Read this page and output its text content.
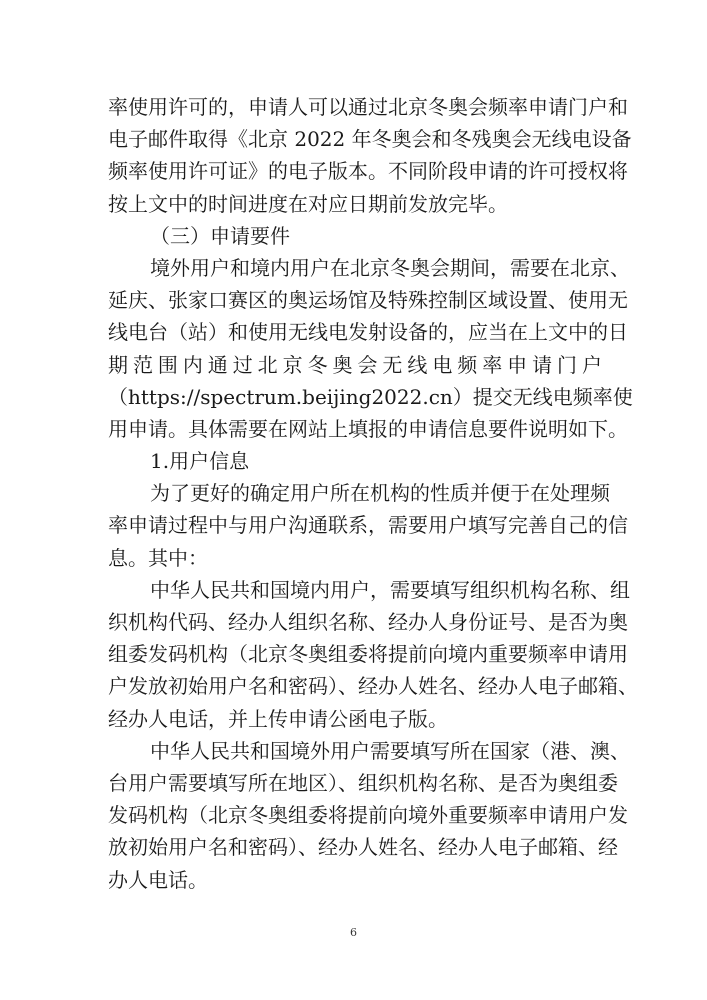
率使用许可的，申请人可以通过北京冬奥会频率申请门户和
电子邮件取得《北京 2022 年冬奥会和冬残奥会无线电设备
频率使用许可证》的电子版本。不同阶段申请的许可授权将
按上文中的时间进度在对应日期前发放完毕。
（三）申请要件
境外用户和境内用户在北京冬奥会期间，需要在北京、
延庆、张家口赛区的奥运场馆及特殊控制区域设置、使用无
线电台（站）和使用无线电发射设备的，应当在上文中的日
期范围内通过北京冬奥会无线电频率申请门户
（https://spectrum.beijing2022.cn）提交无线电频率使
用申请。具体需要在网站上填报的申请信息要件说明如下。
1.用户信息
为了更好的确定用户所在机构的性质并便于在处理频
率申请过程中与用户沟通联系，需要用户填写完善自己的信
息。其中：
中华人民共和国境内用户，需要填写组织机构名称、组
织机构代码、经办人组织名称、经办人身份证号、是否为奥
组委发码机构（北京冬奥组委将提前向境内重要频率申请用
户发放初始用户名和密码）、经办人姓名、经办人电子邮箱、
经办人电话，并上传申请公函电子版。
中华人民共和国境外用户需要填写所在国家（港、澳、
台用户需要填写所在地区）、组织机构名称、是否为奥组委
发码机构（北京冬奥组委将提前向境外重要频率申请用户发
放初始用户名和密码）、经办人姓名、经办人电子邮箱、经
办人电话。
6
